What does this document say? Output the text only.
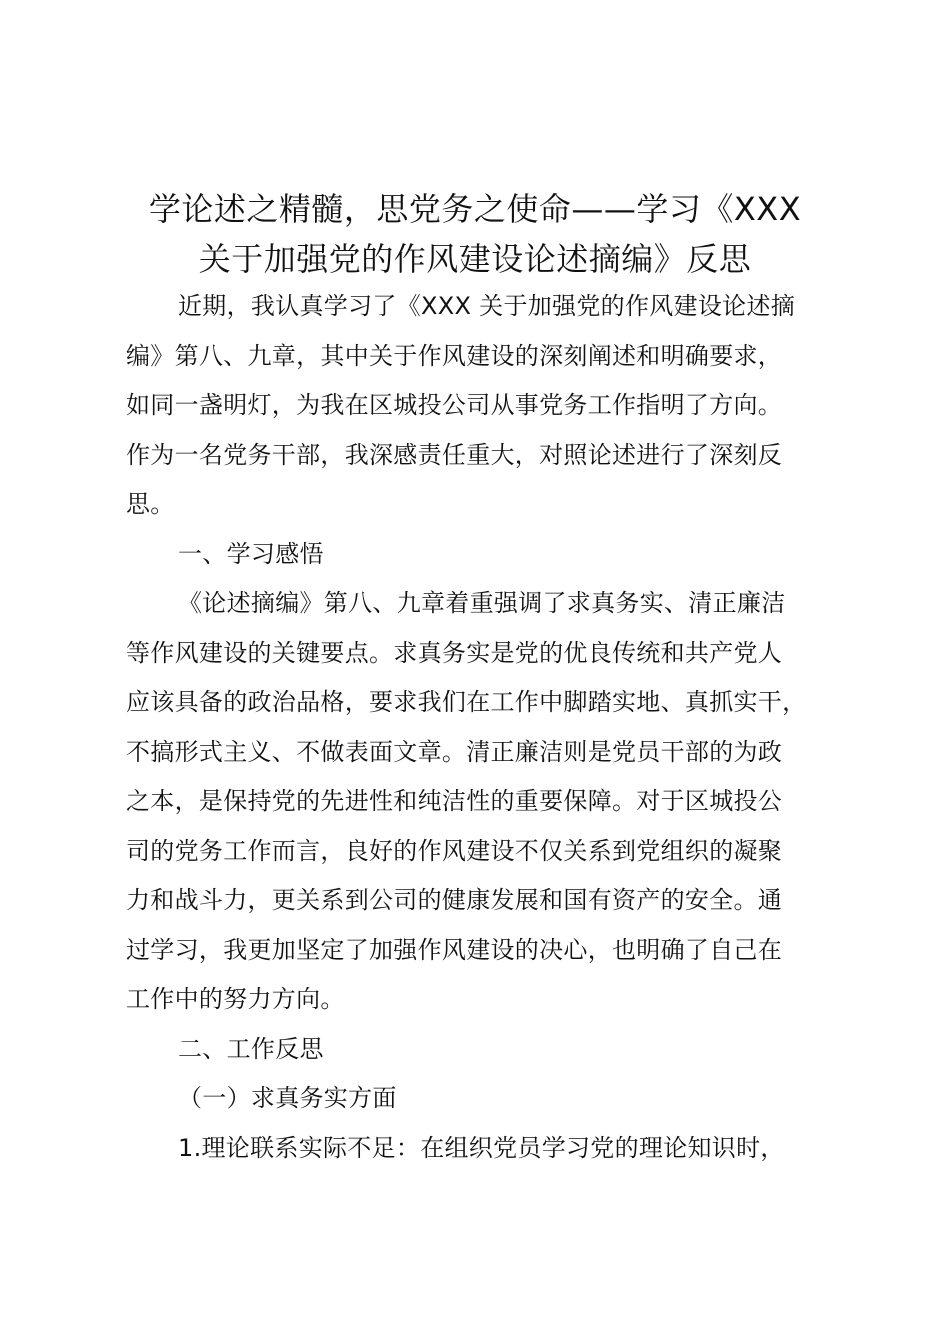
学论述之精髓，思党务之使命——学习《XXX
关于加强党的作风建设论述摘编》反思
近期，我认真学习了《XXX 关于加强党的作风建设论述摘
编》第八、九章，其中关于作风建设的深刻阐述和明确要求，
如同一盏明灯，为我在区城投公司从事党务工作指明了方向。
作为一名党务干部，我深感责任重大，对照论述进行了深刻反
思。
一、学习感悟
《论述摘编》第八、九章着重强调了求真务实、清正廉洁
等作风建设的关键要点。求真务实是党的优良传统和共产党人
应该具备的政治品格，要求我们在工作中脚踏实地、真抓实干，
不搞形式主义、不做表面文章。清正廉洁则是党员干部的为政
之本，是保持党的先进性和纯洁性的重要保障。对于区城投公
司的党务工作而言，良好的作风建设不仅关系到党组织的凝聚
力和战斗力，更关系到公司的健康发展和国有资产的安全。通
过学习，我更加坚定了加强作风建设的决心，也明确了自己在
工作中的努力方向。
二、工作反思
（一）求真务实方面
1.理论联系实际不足：在组织党员学习党的理论知识时，
